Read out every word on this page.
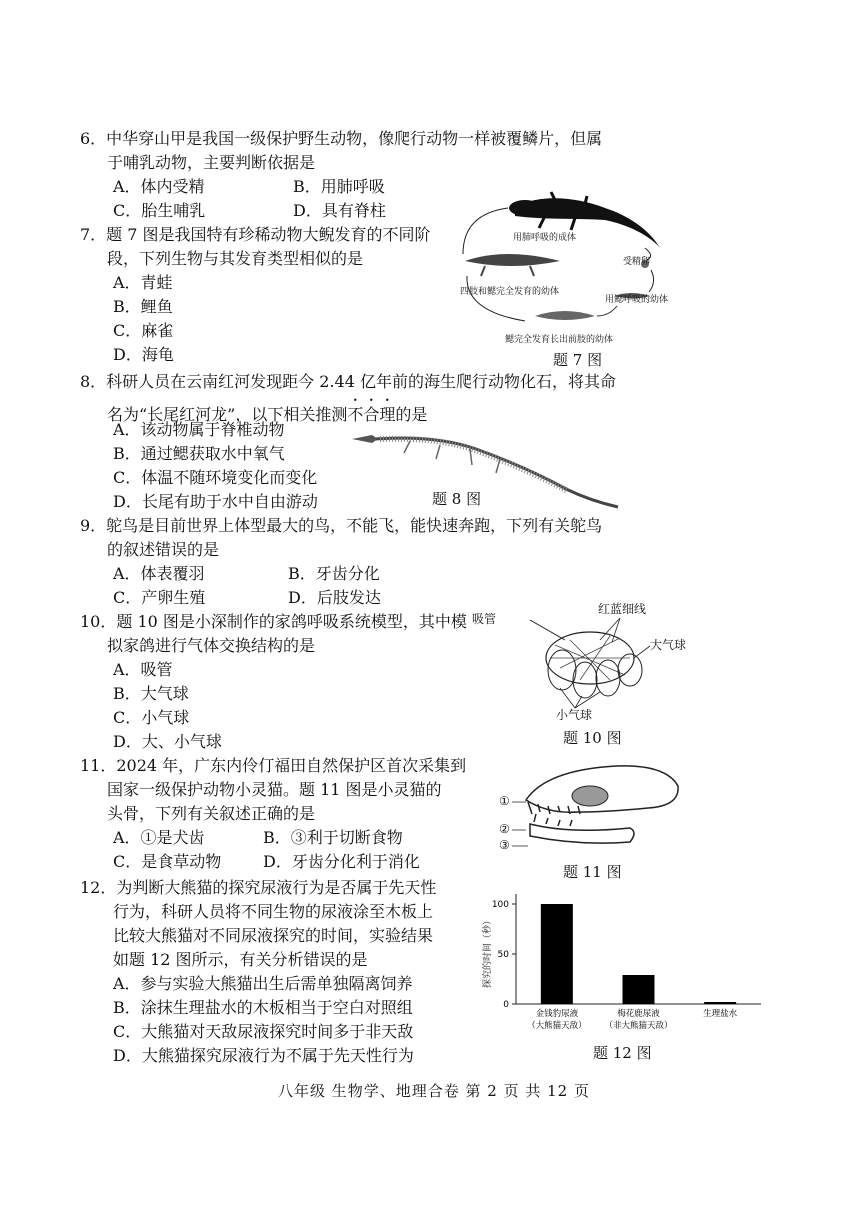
6．中华穿山甲是我国一级保护野生动物，像爬行动物一样被覆鳞片，但属
于哺乳动物，主要判断依据是
A．体内受精	B．用肺呼吸
C．胎生哺乳	D．具有脊柱
7．题 7 图是我国特有珍稀动物大鲵发育的不同阶
段，下列生物与其发育类型相似的是
A．青蛙
B．鲤鱼
C．麻雀
D．海龟
用肺呼吸的成体
受精卵
用鳃呼吸的幼体
鳃完全发育长出前肢的幼体
四肢和鳃完全发育的幼体
题 7 图
8．科研人员在云南红河发现距今 2.44 亿年前的海生爬行动物化石，将其命
名为“长尾红河龙”，以下相关推测不合理的是
A．该动物属于脊椎动物
B．通过鳃获取水中氧气
C．体温不随环境变化而变化
D．长尾有助于水中自由游动	题 8 图
9．鸵鸟是目前世界上体型最大的鸟，不能飞，能快速奔跑，下列有关鸵鸟
的叙述错误的是
A．体表覆羽	B．牙齿分化
C．产卵生殖	D．后肢发达
10．题 10 图是小深制作的家鸽呼吸系统模型，其中模
拟家鸽进行气体交换结构的是
A．吸管
B．大气球
C．小气球
D．大、小气球
吸管
红蓝细线
大气球
小气球
题 10 图
11．2024 年，广东内伶仃福田自然保护区首次采集到
国家一级保护动物小灵猫。题 11 图是小灵猫的
头骨，下列有关叙述正确的是
A．①是犬齿	B．③利于切断食物
C．是食草动物	D．牙齿分化利于消化
①
②
③
题 11 图
12．为判断大熊猫的探究尿液行为是否属于先天性
行为，科研人员将不同生物的尿液涂至木板上
比较大熊猫对不同尿液探究的时间，实验结果
如题 12 图所示，有关分析错误的是
A．参与实验大熊猫出生后需单独隔离饲养
B．涂抹生理盐水的木板相当于空白对照组
C．大熊猫对天敌尿液探究时间多于非天敌
D．大熊猫探究尿液行为不属于先天性行为
探究的时间（秒）
0
50
100
金钱豹尿液
（大熊猫天敌）
梅花鹿尿液
（非大熊猫天敌）
生理盐水
题 12 图
八年级 生物学、地理合卷 第 2 页 共 12 页
